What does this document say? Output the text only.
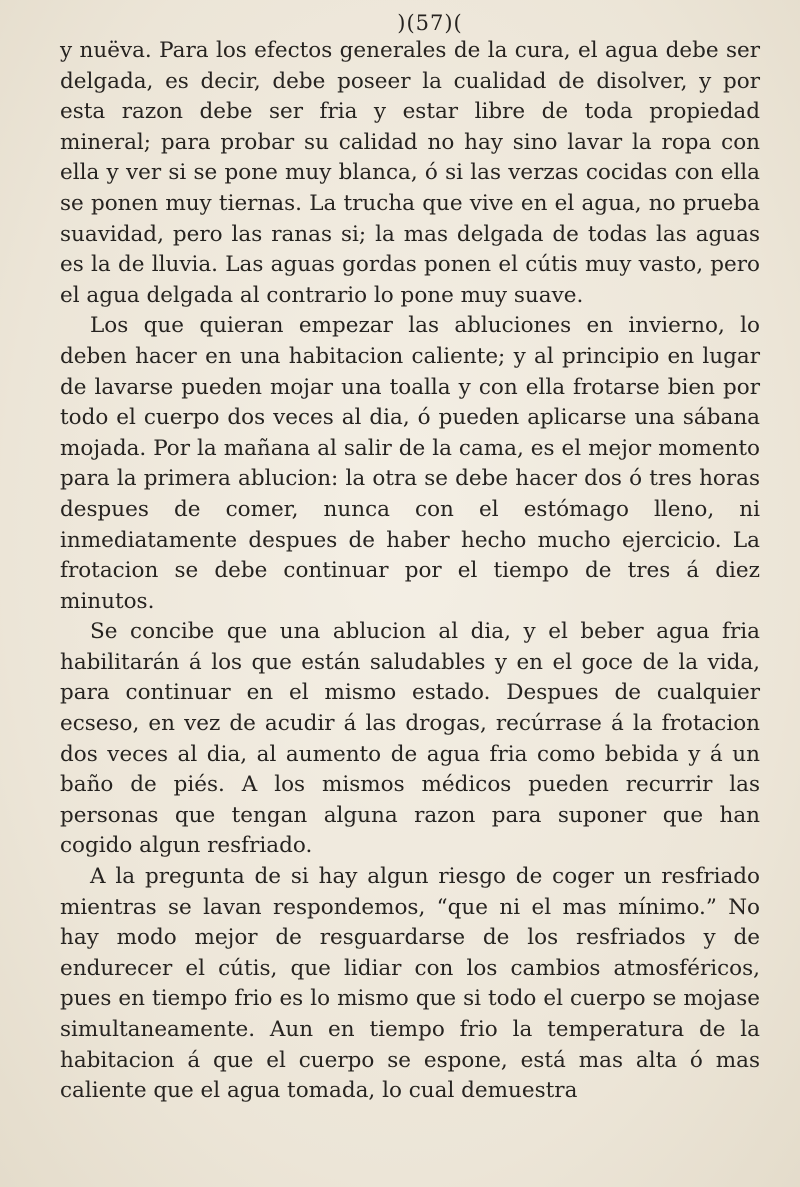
)(57)(

y nuëva. Para los efectos generales de la cura, el agua debe ser delgada, es decir, debe poseer la cualidad de disolver, y por esta razon debe ser fria y estar libre de toda propiedad mineral; para probar su calidad no hay sino lavar la ropa con ella y ver si se pone muy blanca, ó si las verzas cocidas con ella se ponen muy tiernas. La trucha que vive en el agua, no prueba suavidad, pero las ranas si; la mas delgada de todas las aguas es la de lluvia. Las aguas gordas ponen el cútis muy vasto, pero el agua delgada al contrario lo pone muy suave.

Los que quieran empezar las abluciones en invierno, lo deben hacer en una habitacion caliente; y al principio en lugar de lavarse pueden mojar una toalla y con ella frotarse bien por todo el cuerpo dos veces al dia, ó pueden aplicarse una sábana mojada. Por la mañana al salir de la cama, es el mejor momento para la primera ablucion: la otra se debe hacer dos ó tres horas despues de comer, nunca con el estómago lleno, ni inmediatamente despues de haber hecho mucho ejercicio. La frotacion se debe continuar por el tiempo de tres á diez minutos.

Se concibe que una ablucion al dia, y el beber agua fria habilitarán á los que están saludables y en el goce de la vida, para continuar en el mismo estado. Despues de cualquier ecseso, en vez de acudir á las drogas, recúrrase á la frotacion dos veces al dia, al aumento de agua fria como bebida y á un baño de piés. A los mismos médicos pueden recurrir las personas que tengan alguna razon para suponer que han cogido algun resfriado.

A la pregunta de si hay algun riesgo de coger un resfriado mientras se lavan respondemos, “que ni el mas mínimo.” No hay modo mejor de resguardarse de los resfriados y de endurecer el cútis, que lidiar con los cambios atmosféricos, pues en tiempo frio es lo mismo que si todo el cuerpo se mojase simultaneamente. Aun en tiempo frio la temperatura de la habitacion á que el cuerpo se espone, está mas alta ó mas caliente que el agua tomada, lo cual demuestra
